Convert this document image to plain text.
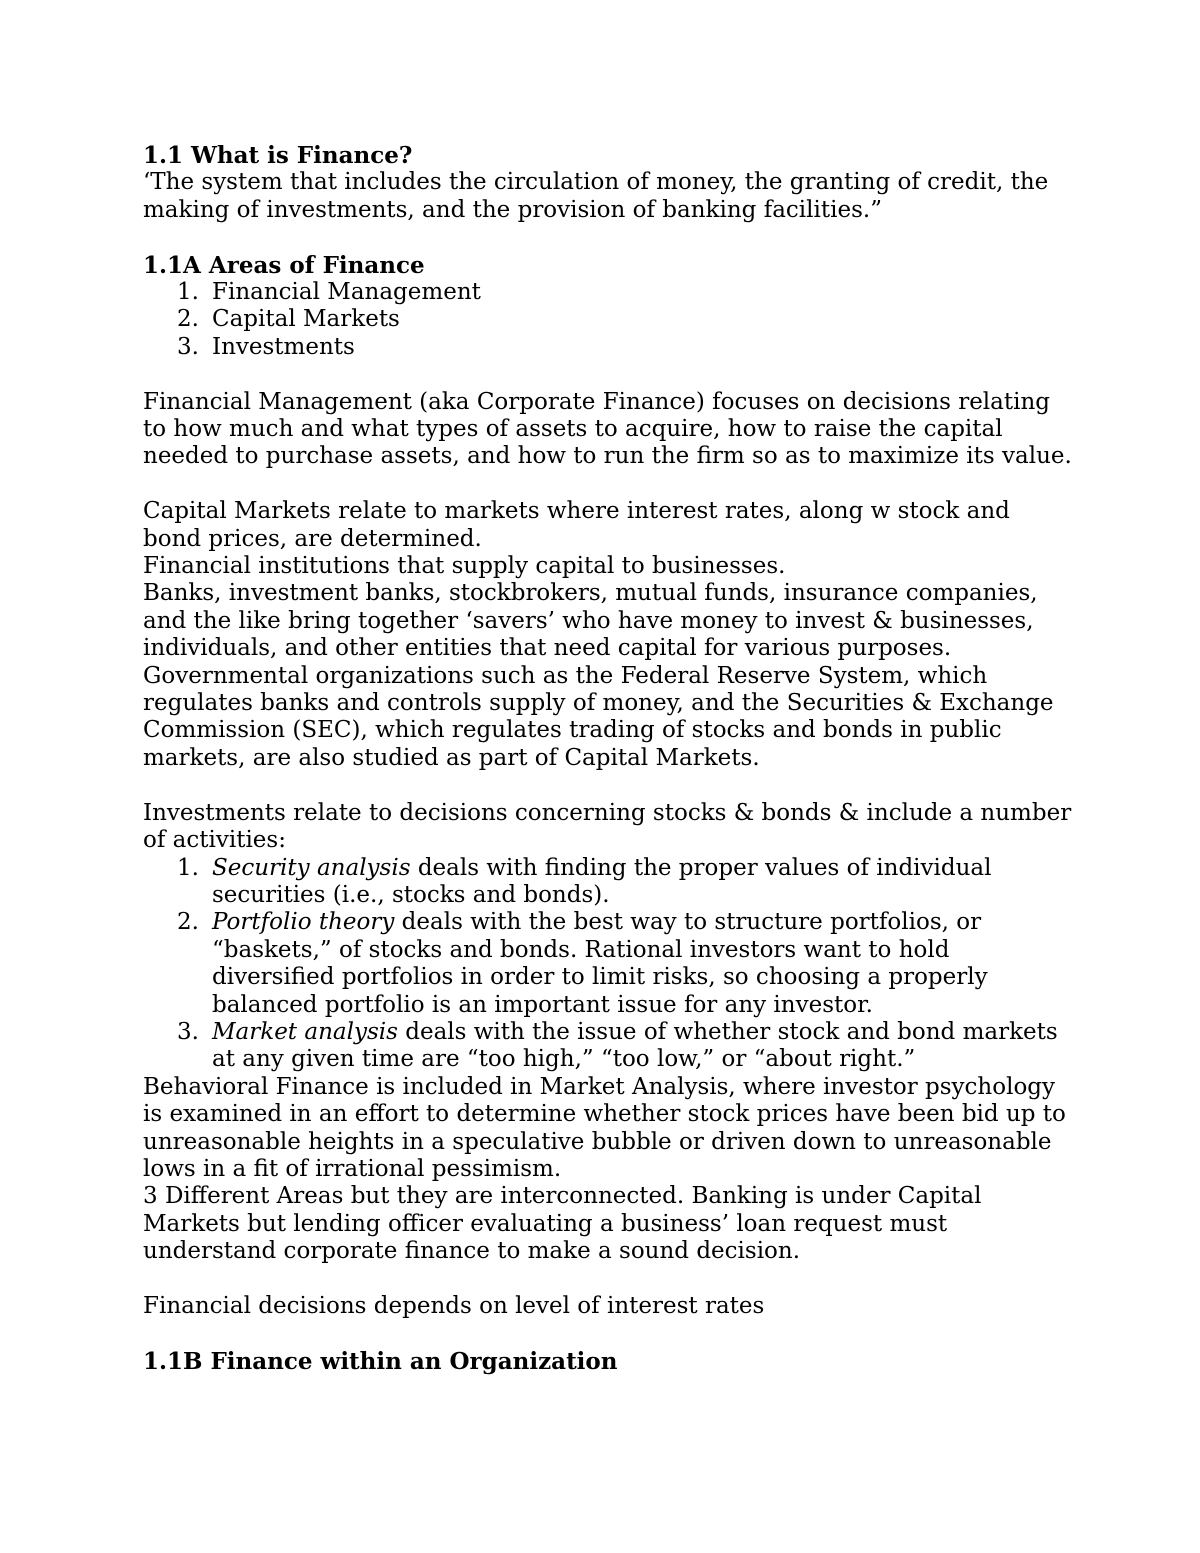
1.1 What is Finance?

‘The system that includes the circulation of money, the granting of credit, the making of investments, and the provision of banking facilities.”

1.1A Areas of Finance

1. Financial Management
2. Capital Markets
3. Investments

Financial Management (aka Corporate Finance) focuses on decisions relating to how much and what types of assets to acquire, how to raise the capital needed to purchase assets, and how to run the firm so as to maximize its value.

Capital Markets relate to markets where interest rates, along w stock and bond prices, are determined.

Financial institutions that supply capital to businesses.

Banks, investment banks, stockbrokers, mutual funds, insurance companies, and the like bring together ‘savers’ who have money to invest & businesses, individuals, and other entities that need capital for various purposes.

Governmental organizations such as the Federal Reserve System, which regulates banks and controls supply of money, and the Securities & Exchange Commission (SEC), which regulates trading of stocks and bonds in public markets, are also studied as part of Capital Markets.

Investments relate to decisions concerning stocks & bonds & include a number of activities:

1. Security analysis deals with finding the proper values of individual securities (i.e., stocks and bonds).
2. Portfolio theory deals with the best way to structure portfolios, or “baskets,” of stocks and bonds. Rational investors want to hold diversified portfolios in order to limit risks, so choosing a properly balanced portfolio is an important issue for any investor.
3. Market analysis deals with the issue of whether stock and bond markets at any given time are “too high,” “too low,” or “about right.”

Behavioral Finance is included in Market Analysis, where investor psychology is examined in an effort to determine whether stock prices have been bid up to unreasonable heights in a speculative bubble or driven down to unreasonable lows in a fit of irrational pessimism.

3 Different Areas but they are interconnected. Banking is under Capital Markets but lending officer evaluating a business’ loan request must understand corporate finance to make a sound decision.

Financial decisions depends on level of interest rates

1.1B Finance within an Organization
